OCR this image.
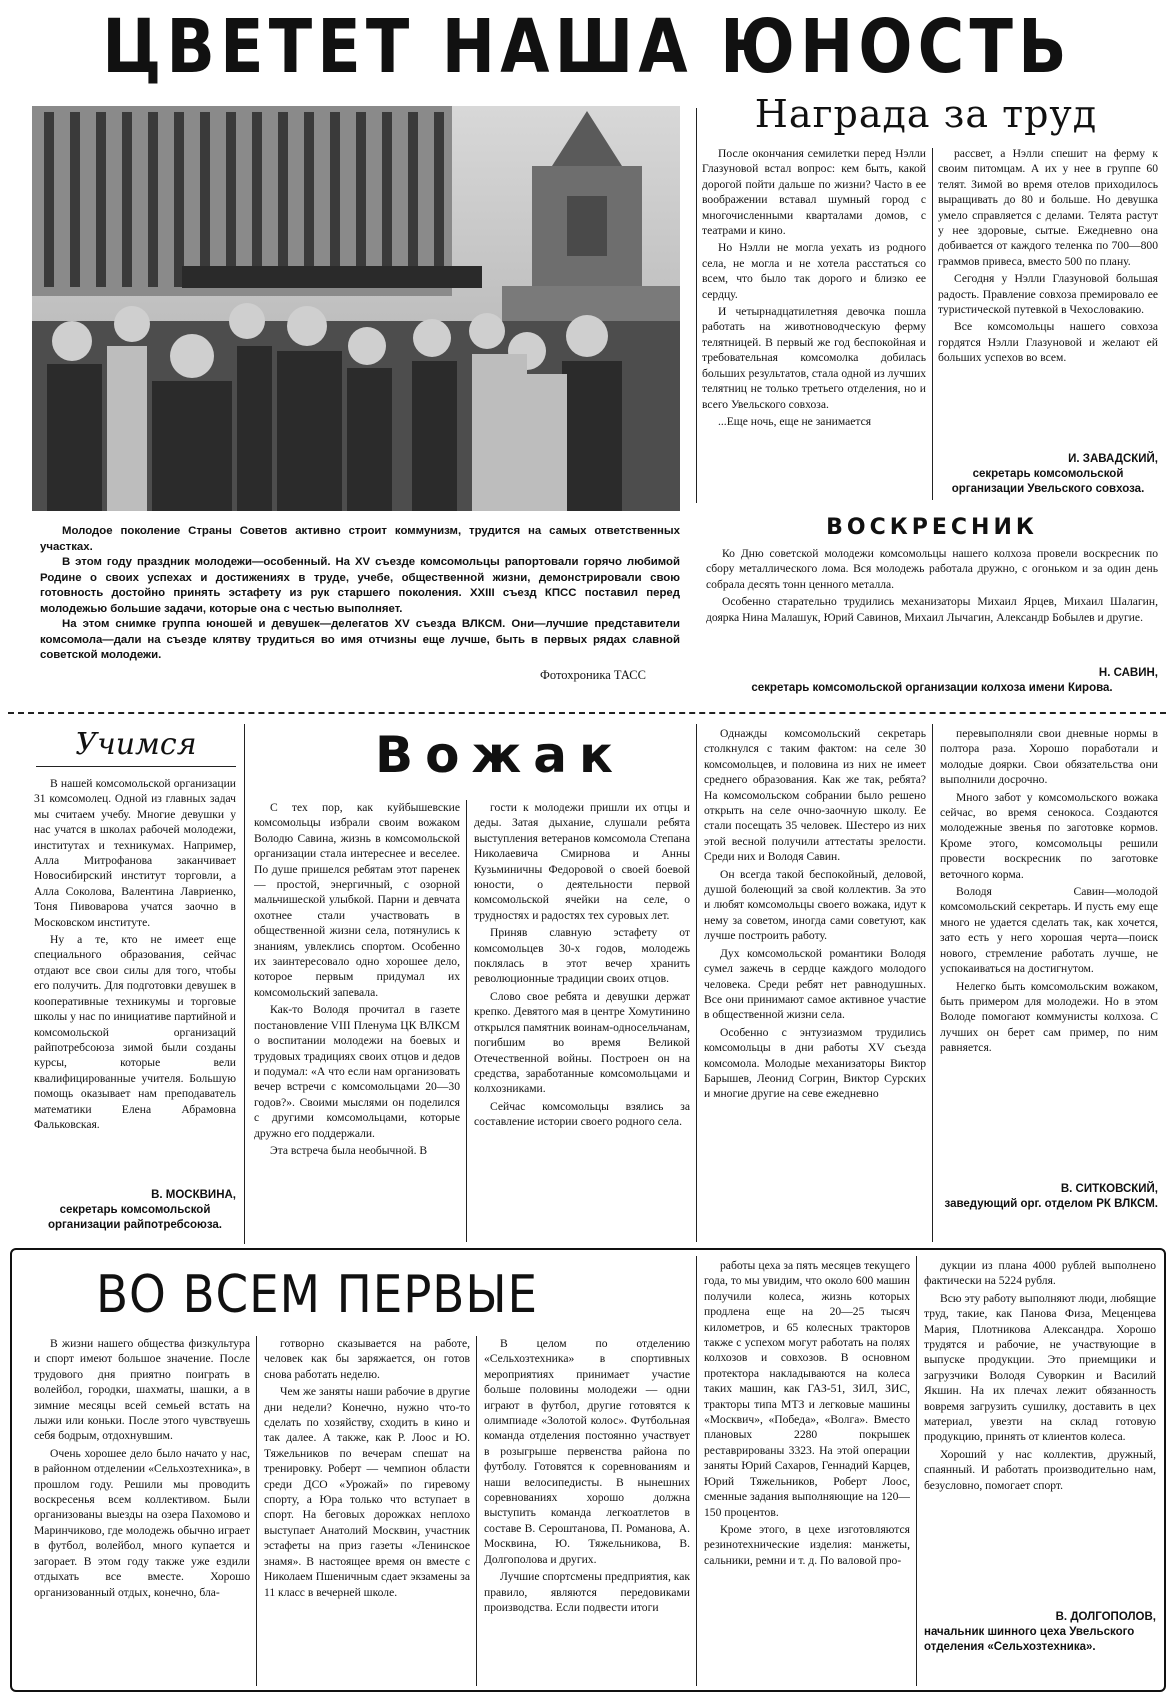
ЦВЕТЕТ НАША ЮНОСТЬ

Молодое поколение Страны Советов активно строит коммунизм, трудится на самых ответственных участках.

В этом году праздник молодежи—особенный. На XV съезде комсомольцы рапортовали горячо любимой Родине о своих успехах и достижениях в труде, учебе, общественной жизни, демонстрировали свою готовность достойно принять эстафету из рук старшего поколения. XXIII съезд КПСС поставил перед молодежью большие задачи, которые она с честью выполняет.

На этом снимке группа юношей и девушек—делегатов XV съезда ВЛКСМ. Они—лучшие представители комсомола—дали на съезде клятву трудиться во имя отчизны еще лучше, быть в первых рядах славной советской молодежи.

Фотохроника ТАСС
Награда за труд

После окончания семилетки перед Нэлли Глазуновой встал вопрос: кем быть, какой дорогой пойти дальше по жизни? Часто в ее воображении вставал шумный город с многочисленными кварталами домов, с театрами и кино.

Но Нэлли не могла уехать из родного села, не могла и не хотела расстаться со всем, что было так дорого и близко ее сердцу.

И четырнадцатилетняя девочка пошла работать на животноводческую ферму телятницей. В первый же год беспокойная и требовательная комсомолка добилась больших результатов, стала одной из лучших телятниц не только третьего отделения, но и всего Увельского совхоза.

...Еще ночь, еще не занимается

рассвет, а Нэлли спешит на ферму к своим питомцам. А их у нее в группе 60 телят. Зимой во время отелов приходилось выращивать до 80 и больше. Но девушка умело справляется с делами. Телята растут у нее здоровые, сытые. Ежедневно она добивается от каждого теленка по 700—800 граммов привеса, вместо 500 по плану.

Сегодня у Нэлли Глазуновой большая радость. Правление совхоза премировало ее туристической путевкой в Чехословакию.

Все комсомольцы нашего совхоза гордятся Нэлли Глазуновой и желают ей больших успехов во всем.

И. ЗАВАДСКИЙ,
секретарь комсомольской организации Увельского совхоза.
ВОСКРЕСНИК

Ко Дню советской молодежи комсомольцы нашего колхоза провели воскресник по сбору металлического лома. Вся молодежь работала дружно, с огоньком и за один день собрала десять тонн ценного металла.

Особенно старательно трудились механизаторы Михаил Ярцев, Михаил Шалагин, доярка Нина Малашук, Юрий Савинов, Михаил Лычагин, Александр Бобылев и другие.

Н. САВИН,
секретарь комсомольской организации колхоза имени Кирова.
Учимся

В нашей комсомольской организации 31 комсомолец. Одной из главных задач мы считаем учебу. Многие девушки у нас учатся в школах рабочей молодежи, институтах и техникумах. Например, Алла Митрофанова заканчивает Новосибирский институт торговли, а Алла Соколова, Валентина Лавриенко, Тоня Пивоварова учатся заочно в Московском институте.

Ну а те, кто не имеет еще специального образования, сейчас отдают все свои силы для того, чтобы его получить. Для подготовки девушек в кооперативные техникумы и торговые школы у нас по инициативе партийной и комсомольской организаций райпотребсоюза зимой были созданы курсы, которые вели квалифицированные учителя. Большую помощь оказывает нам преподаватель математики Елена Абрамовна Фальковская.

В. МОСКВИНА,
секретарь комсомольской организации райпотребсоюза.
Вожак

С тех пор, как куйбышевские комсомольцы избрали своим вожаком Володю Савина, жизнь в комсомольской организации стала интереснее и веселее. По душе пришелся ребятам этот паренек — простой, энергичный, с озорной мальчишеской улыбкой. Парни и девчата охотнее стали участвовать в общественной жизни села, потянулись к знаниям, увлеклись спортом. Особенно их заинтересовало одно хорошее дело, которое первым придумал их комсомольский запевала.

Как-то Володя прочитал в газете постановление VIII Пленума ЦК ВЛКСМ о воспитании молодежи на боевых и трудовых традициях своих отцов и дедов и подумал: «А что если нам организовать вечер встречи с комсомольцами 20—30 годов?». Своими мыслями он поделился с другими комсомольцами, которые дружно его поддержали.

Эта встреча была необычной. В

гости к молодежи пришли их отцы и деды. Затая дыхание, слушали ребята выступления ветеранов комсомола Степана Николаевича Смирнова и Анны Кузьминичны Федоровой о своей боевой юности, о деятельности первой комсомольской ячейки на селе, о трудностях и радостях тех суровых лет.

Приняв славную эстафету от комсомольцев 30-х годов, молодежь поклялась в этот вечер хранить революционные традиции своих отцов.

Слово свое ребята и девушки держат крепко. Девятого мая в центре Хомутинино открылся памятник воинам-односельчанам, погибшим во время Великой Отечественной войны. Построен он на средства, заработанные комсомольцами и колхозниками.

Сейчас комсомольцы взялись за составление истории своего родного села.

Однажды комсомольский секретарь столкнулся с таким фактом: на селе 30 комсомольцев, и половина из них не имеет среднего образования. Как же так, ребята? На комсомольском собрании было решено открыть на селе очно-заочную школу. Ее стали посещать 35 человек. Шестеро из них этой весной получили аттестаты зрелости. Среди них и Володя Савин.

Он всегда такой беспокойный, деловой, душой болеющий за свой коллектив. За это и любят комсомольцы своего вожака, идут к нему за советом, иногда сами советуют, как лучше построить работу.

Дух комсомольской романтики Володя сумел зажечь в сердце каждого молодого человека. Среди ребят нет равнодушных. Все они принимают самое активное участие в общественной жизни села.

Особенно с энтузиазмом трудились комсомольцы в дни работы XV съезда комсомола. Молодые механизаторы Виктор Барышев, Леонид Согрин, Виктор Сурских и многие другие на севе ежедневно

перевыполняли свои дневные нормы в полтора раза. Хорошо поработали и молодые доярки. Свои обязательства они выполнили досрочно.

Много забот у комсомольского вожака сейчас, во время сенокоса. Создаются молодежные звенья по заготовке кормов. Кроме этого, комсомольцы решили провести воскресник по заготовке веточного корма.

Володя Савин—молодой комсомольский секретарь. И пусть ему еще много не удается сделать так, как хочется, зато есть у него хорошая черта—поиск нового, стремление работать лучше, не успокаиваться на достигнутом.

Нелегко быть комсомольским вожаком, быть примером для молодежи. Но в этом Володе помогают коммунисты колхоза. С лучших он берет сам пример, по ним равняется.

В. СИТКОВСКИЙ,
заведующий орг. отделом РК ВЛКСМ.
ВО ВСЕМ ПЕРВЫЕ

В жизни нашего общества физкультура и спорт имеют большое значение. После трудового дня приятно поиграть в волейбол, городки, шахматы, шашки, а в зимние месяцы всей семьей встать на лыжи или коньки. После этого чувствуешь себя бодрым, отдохнувшим.

Очень хорошее дело было начато у нас, в районном отделении «Сельхозтехника», в прошлом году. Решили мы проводить воскресенья всем коллективом. Были организованы выезды на озера Пахомово и Маринчиково, где молодежь обычно играет в футбол, волейбол, много купается и загорает. В этом году также уже ездили отдыхать все вместе. Хорошо организованный отдых, конечно, бла-

готворно сказывается на работе, человек как бы заряжается, он готов снова работать неделю.

Чем же заняты наши рабочие в другие дни недели? Конечно, нужно что-то сделать по хозяйству, сходить в кино и так далее. А также, как Р. Лоос и Ю. Тяжельников по вечерам спешат на тренировку. Роберт — чемпион области среди ДСО «Урожай» по гиревому спорту, а Юра только что вступает в спорт. На беговых дорожках неплохо выступает Анатолий Москвин, участник эстафеты на приз газеты «Ленинское знамя». В настоящее время он вместе с Николаем Пшеничным сдает экзамены за 11 класс в вечерней школе.

В целом по отделению «Сельхозтехника» в спортивных мероприятиях принимает участие больше половины молодежи — одни играют в футбол, другие готовятся к олимпиаде «Золотой колос». Футбольная команда отделения постоянно участвует в розыгрыше первенства района по футболу. Готовятся к соревнованиям и наши велосипедисты. В нынешних соревнованиях хорошо должна выступить команда легкоатлетов в составе В. Сероштанова, П. Романова, А. Москвина, Ю. Тяжельникова, В. Долгополова и других.

Лучшие спортсмены предприятия, как правило, являются передовиками производства. Если подвести итоги

работы цеха за пять месяцев текущего года, то мы увидим, что около 600 машин получили колеса, жизнь которых продлена еще на 20—25 тысяч километров, и 65 колесных тракторов также с успехом могут работать на полях колхозов и совхозов. В основном протектора накладываются на колеса таких машин, как ГАЗ-51, ЗИЛ, ЗИС, тракторы типа МТЗ и легковые машины «Москвич», «Победа», «Волга». Вместо плановых 2280 покрышек реставрированы 3323. На этой операции заняты Юрий Сахаров, Геннадий Карцев, Юрий Тяжельников, Роберт Лоос, сменные задания выполняющие на 120—150 процентов.

Кроме этого, в цехе изготовляются резинотехнические изделия: манжеты, сальники, ремни и т. д. По валовой про-

дукции из плана 4000 рублей выполнено фактически на 5224 рубля.

Всю эту работу выполняют люди, любящие труд, такие, как Панова Физа, Меценцева Мария, Плотникова Александра. Хорошо трудятся и рабочие, не участвующие в выпуске продукции. Это приемщики и загрузчики Володя Суворкин и Василий Якшин. На их плечах лежит обязанность вовремя загрузить сушилку, доставить в цех материал, увезти на склад готовую продукцию, принять от клиентов колеса.

Хороший у нас коллектив, дружный, спаянный. И работать производительно нам, безусловно, помогает спорт.

В. ДОЛГОПОЛОВ,
начальник шинного цеха Увельского отделения «Сельхозтехника».
